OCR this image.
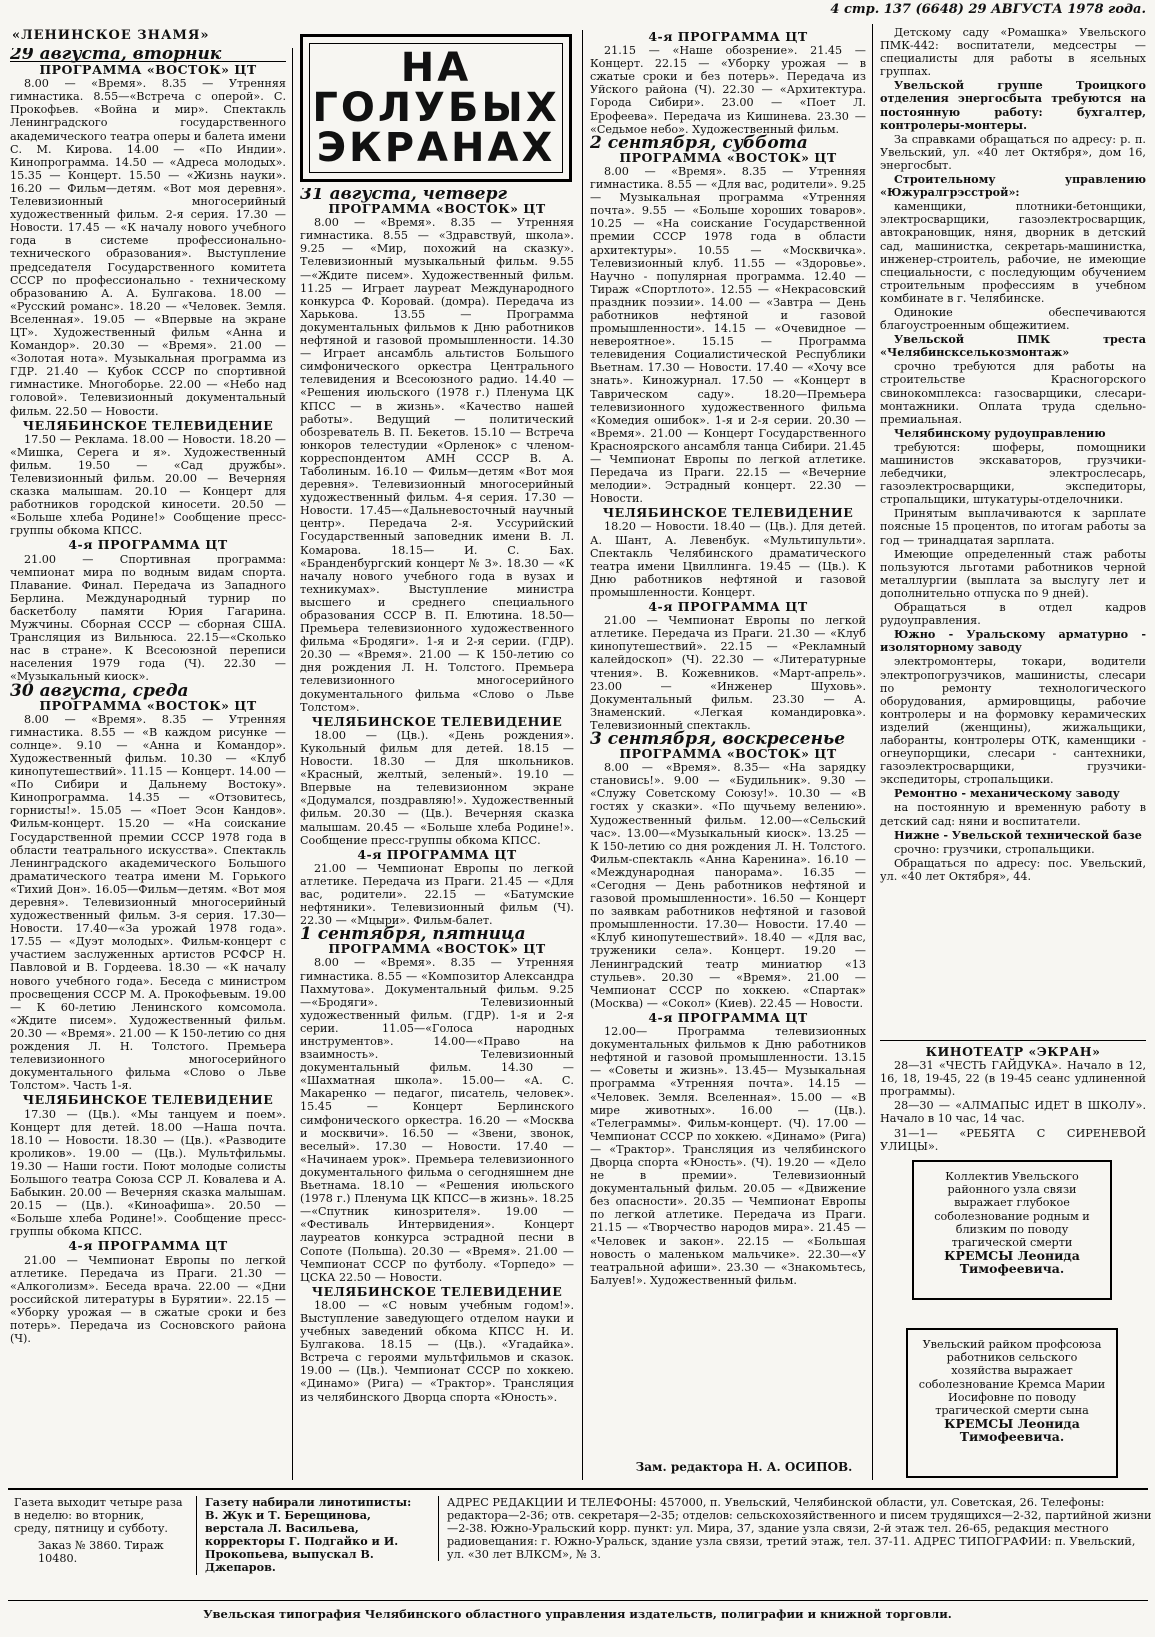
4 стр. 137 (6648) 29 АВГУСТА 1978 года.
«ЛЕНИНСКОЕ ЗНАМЯ»
НА
ГОЛУБЫХ
ЭКРАНАХ

29 августа, вторник

ПРОГРАММА «ВОСТОК» ЦТ

8.00 — «Время». 8.35 — Утренняя гимнастика. 8.55—«Встреча с оперой». С. Прокофьев. «Война и мир». Спектакль Ленинградского государственного академического театра оперы и балета имени С. М. Кирова. 14.00 — «По Индии». Кинопрограмма. 14.50 — «Адреса молодых». 15.35 — Концерт. 15.50 — «Жизнь науки». 16.20 — Фильм—детям. «Вот моя деревня». Телевизионный многосерийный художественный фильм. 2-я серия. 17.30 — Новости. 17.45 — «К началу нового учебного года в системе профессионально-технического образования». Выступление председателя Государственного комитета СССР по профессионально - техническому образованию А. А. Булгакова. 18.00 — «Русский романс». 18.20 — «Человек. Земля. Вселенная». 19.05 — «Впервые на экране ЦТ». Художественный фильм «Анна и Командор». 20.30 — «Время». 21.00 — «Золотая нота». Музыкальная программа из ГДР. 21.40 — Кубок СССР по спортивной гимнастике. Многоборье. 22.00 — «Небо над головой». Телевизионный документальный фильм. 22.50 — Новости.

ЧЕЛЯБИНСКОЕ ТЕЛЕВИДЕНИЕ

17.50 — Реклама. 18.00 — Новости. 18.20 — «Мишка, Серега и я». Художественный фильм. 19.50 — «Сад дружбы». Телевизионный фильм. 20.00 — Вечерняя сказка малышам. 20.10 — Концерт для работников городской киносети. 20.50 — «Больше хлеба Родине!» Сообщение пресс-группы обкома КПСС.

4-я ПРОГРАММА ЦТ

21.00 — Спортивная программа: чемпионат мира по водным видам спорта. Плавание. Финал. Передача из Западного Берлина. Международный турнир по баскетболу памяти Юрия Гагарина. Мужчины. Сборная СССР — сборная США. Трансляция из Вильнюса. 22.15—«Сколько нас в стране». К Всесоюзной переписи населения 1979 года (Ч). 22.30 — «Музыкальный киоск».

30 августа, среда

ПРОГРАММА «ВОСТОК» ЦТ

8.00 — «Время». 8.35 — Утренняя гимнастика. 8.55 — «В каждом рисунке — солнце». 9.10 — «Анна и Командор». Художественный фильм. 10.30 — «Клуб кинопутешествий». 11.15 — Концерт. 14.00 — «По Сибири и Дальнему Востоку». Кинопрограмма. 14.35 — «Отзовитесь, горнисты!». 15.05 — «Поет Эсон Кандов». Фильм-концерт. 15.20 — «На соискание Государственной премии СССР 1978 года в области театрального искусства». Спектакль Ленинградского академического Большого драматического театра имени М. Горького «Тихий Дон». 16.05—Фильм—детям. «Вот моя деревня». Телевизионный многосерийный художественный фильм. 3-я серия. 17.30— Новости. 17.40—«За урожай 1978 года». 17.55 — «Дуэт молодых». Фильм-концерт с участием заслуженных артистов РСФСР Н. Павловой и В. Гордеева. 18.30 — «К началу нового учебного года». Беседа с министром просвещения СССР М. А. Прокофьевым. 19.00 — К 60-летию Ленинского комсомола. «Ждите писем». Художественный фильм. 20.30 — «Время». 21.00 — К 150-летию со дня рождения Л. Н. Толстого. Премьера телевизионного многосерийного документального фильма «Слово о Льве Толстом». Часть 1-я.

ЧЕЛЯБИНСКОЕ ТЕЛЕВИДЕНИЕ

17.30 — (Цв.). «Мы танцуем и поем». Концерт для детей. 18.00 —Наша почта. 18.10 — Новости. 18.30 — (Цв.). «Разводите кроликов». 19.00 — (Цв.). Мультфильмы. 19.30 — Наши гости. Поют молодые солисты Большого театра Союза ССР Л. Ковалева и А. Бабыкин. 20.00 — Вечерняя сказка малышам. 20.15 — (Цв.). «Киноафиша». 20.50 — «Больше хлеба Родине!». Сообщение пресс-группы обкома КПСС.

4-я ПРОГРАММА ЦТ

21.00 — Чемпионат Европы по легкой атлетике. Передача из Праги. 21.30 — «Алкоголизм». Беседа врача. 22.00 — «Дни российской литературы в Бурятии». 22.15 — «Уборку урожая — в сжатые сроки и без потерь». Передача из Сосновского района (Ч).

31 августа, четверг

ПРОГРАММА «ВОСТОК» ЦТ

8.00 — «Время». 8.35 — Утренняя гимнастика. 8.55 — «Здравствуй, школа». 9.25 — «Мир, похожий на сказку». Телевизионный музыкальный фильм. 9.55—«Ждите писем». Художественный фильм. 11.25 — Играет лауреат Международного конкурса Ф. Коровай. (домра). Передача из Харькова. 13.55 — Программа документальных фильмов к Дню работников нефтяной и газовой промышленности. 14.30 — Играет ансамбль альтистов Большого симфонического оркестра Центрального телевидения и Всесоюзного радио. 14.40 — «Решения июльского (1978 г.) Пленума ЦК КПСС — в жизнь». «Качество нашей работы». Ведущий — политический обозреватель В. П. Бекетов. 15.10 — Встреча юнкоров телестудии «Орленок» с членом-корреспондентом АМН СССР В. А. Таболиным. 16.10 — Фильм—детям «Вот моя деревня». Телевизионный многосерийный художественный фильм. 4-я серия. 17.30 — Новости. 17.45—«Дальневосточный научный центр». Передача 2-я. Уссурийский Государственный заповедник имени В. Л. Комарова. 18.15— И. С. Бах. «Бранденбургский концерт № 3». 18.30 — «К началу нового учебного года в вузах и техникумах». Выступление министра высшего и среднего специального образования СССР В. П. Елютина. 18.50—Премьера телевизионного художественного фильма «Бродяги». 1-я и 2-я серии. (ГДР). 20.30 — «Время». 21.00 — К 150-летию со дня рождения Л. Н. Толстого. Премьера телевизионного многосерийного документального фильма «Слово о Льве Толстом».

ЧЕЛЯБИНСКОЕ ТЕЛЕВИДЕНИЕ

18.00 — (Цв.). «День рождения». Кукольный фильм для детей. 18.15 — Новости. 18.30 — Для школьников. «Красный, желтый, зеленый». 19.10 — Впервые на телевизионном экране «Додумался, поздравляю!». Художественный фильм. 20.30 — (Цв.). Вечерняя сказка малышам. 20.45 — «Больше хлеба Родине!». Сообщение пресс-группы обкома КПСС.

4-я ПРОГРАММА ЦТ

21.00 — Чемпионат Европы по легкой атлетике. Передача из Праги. 21.45 — «Для вас, родители». 22.15 — «Батумские нефтяники». Телевизионный фильм (Ч). 22.30 — «Мцыри». Фильм-балет.

1 сентября, пятница

ПРОГРАММА «ВОСТОК» ЦТ

8.00 — «Время». 8.35 — Утренняя гимнастика. 8.55 — «Композитор Александра Пахмутова». Документальный фильм. 9.25 —«Бродяги». Телевизионный художественный фильм. (ГДР). 1-я и 2-я серии. 11.05—«Голоса народных инструментов». 14.00—«Право на взаимность». Телевизионный документальный фильм. 14.30 — «Шахматная школа». 15.00— «А. С. Макаренко — педагог, писатель, человек». 15.45 — Концерт Берлинского симфонического оркестра. 16.20 — «Москва и москвичи». 16.50 — «Звени, звонок, веселый». 17.30 — Новости. 17.40 — «Начинаем урок». Премьера телевизионного документального фильма о сегодняшнем дне Вьетнама. 18.10 — «Решения июльского (1978 г.) Пленума ЦК КПСС—в жизнь». 18.25 —«Спутник кинозрителя». 19.00 — «Фестиваль Интервидения». Концерт лауреатов конкурса эстрадной песни в Сопоте (Польша). 20.30 — «Время». 21.00 — Чемпионат СССР по футболу. «Торпедо» —ЦСКА 22.50 — Новости.

ЧЕЛЯБИНСКОЕ ТЕЛЕВИДЕНИЕ

18.00 — «С новым учебным годом!». Выступление заведующего отделом науки и учебных заведений обкома КПСС Н. И. Булгакова. 18.15 — (Цв.). «Угадайка». Встреча с героями мультфильмов и сказок. 19.00 — (Цв.). Чемпионат СССР по хоккею. «Динамо» (Рига) — «Трактор». Трансляция из челябинского Дворца спорта «Юность».

4-я ПРОГРАММА ЦТ

21.15 — «Наше обозрение». 21.45 — Концерт. 22.15 — «Уборку урожая — в сжатые сроки и без потерь». Передача из Уйского района (Ч). 22.30 — «Архитектура. Города Сибири». 23.00 — «Поет Л. Ерофеева». Передача из Кишинева. 23.30 — «Седьмое небо». Художественный фильм.

2 сентября, суббота

ПРОГРАММА «ВОСТОК» ЦТ

8.00 — «Время». 8.35 — Утренняя гимнастика. 8.55 — «Для вас, родители». 9.25 — Музыкальная программа «Утренняя почта». 9.55 — «Больше хороших товаров». 10.25 — «На соискание Государственной премии СССР 1978 года в области архитектуры». 10.55 — «Москвичка». Телевизионный клуб. 11.55 — «Здоровье». Научно - популярная программа. 12.40 — Тираж «Спортлото». 12.55 — «Некрасовский праздник поэзии». 14.00 — «Завтра — День работников нефтяной и газовой промышленности». 14.15 — «Очевидное — невероятное». 15.15 — Программа телевидения Социалистической Республики Вьетнам. 17.30 — Новости. 17.40 — «Хочу все знать». Киножурнал. 17.50 — «Концерт в Таврическом саду». 18.20—Премьера телевизионного художественного фильма «Комедия ошибок». 1-я и 2-я серии. 20.30 — «Время». 21.00 — Концерт Государственного Красноярского ансамбля танца Сибири. 21.45 — Чемпионат Европы по легкой атлетике. Передача из Праги. 22.15 — «Вечерние мелодии». Эстрадный концерт. 22.30 — Новости.

ЧЕЛЯБИНСКОЕ ТЕЛЕВИДЕНИЕ

18.20 — Новости. 18.40 — (Цв.). Для детей. А. Шант, А. Левенбук. «Мультипульти». Спектакль Челябинского драматического театра имени Цвиллинга. 19.45 — (Цв.). К Дню работников нефтяной и газовой промышленности. Концерт.

4-я ПРОГРАММА ЦТ

21.00 — Чемпионат Европы по легкой атлетике. Передача из Праги. 21.30 — «Клуб кинопутешествий». 22.15 — «Рекламный калейдоскоп» (Ч). 22.30 — «Литературные чтения». В. Кожевников. «Март-апрель». 23.00 — «Инженер Шуховь». Документальный фильм. 23.30 — А. Знаменский. «Легкая командировка». Телевизионный спектакль.

3 сентября, воскресенье

ПРОГРАММА «ВОСТОК» ЦТ

8.00 — «Время». 8.35— «На зарядку становись!». 9.00 — «Будильник». 9.30 — «Служу Советскому Союзу!». 10.30 — «В гостях у сказки». «По щучьему велению». Художественный фильм. 12.00—«Сельский час». 13.00—«Музыкальный киоск». 13.25 — К 150-летию со дня рождения Л. Н. Толстого. Фильм-спектакль «Анна Каренина». 16.10 — «Международная панорама». 16.35 — «Сегодня — День работников нефтяной и газовой промышленности». 16.50 — Концерт по заявкам работников нефтяной и газовой промышленности. 17.30— Новости. 17.40 — «Клуб кинопутешествий». 18.40 — «Для вас, труженики села». Концерт. 19.20 — Ленинградский театр миниатюр «13 стульев». 20.30 — «Время». 21.00 — Чемпионат СССР по хоккею. «Спартак» (Москва) — «Сокол» (Киев). 22.45 — Новости.

4-я ПРОГРАММА ЦТ

12.00— Программа телевизионных документальных фильмов к Дню работников нефтяной и газовой промышленности. 13.15 — «Советы и жизнь». 13.45— Музыкальная программа «Утренняя почта». 14.15 — «Человек. Земля. Вселенная». 15.00 — «В мире животных». 16.00 — (Цв.). «Телеграммы». Фильм-концерт. (Ч). 17.00 — Чемпионат СССР по хоккею. «Динамо» (Рига) — «Трактор». Трансляция из челябинского Дворца спорта «Юность». (Ч). 19.20 — «Дело не в премии». Телевизионный документальный фильм. 20.05 — «Движение без опасности». 20.35 — Чемпионат Европы по легкой атлетике. Передача из Праги. 21.15 — «Творчество народов мира». 21.45 — «Человек и закон». 22.15 — «Большая новость о маленьком мальчике». 22.30—«У театральной афиши». 23.30 — «Знакомьтесь, Балуев!». Художественный фильм.

Зам. редактора Н. А. ОСИПОВ.

Детскому саду «Ромашка» Увельского ПМК-442: воспитатели, медсестры — специалисты для работы в ясельных группах.

Увельской группе Троицкого отделения энергосбыта требуются на постоянную работу: бухгалтер, контролеры-монтеры.

За справками обращаться по адресу: р. п. Увельский, ул. «40 лет Октября», дом 16, энергосбыт.

Строительному управлению «Южуралгрэсстрой»:

каменщики, плотники-бетонщики, электросварщики, газоэлектросварщик, автокрановщик, няня, дворник в детский сад, машинистка, секретарь-машинистка, инженер-строитель, рабочие, не имеющие специальности, с последующим обучением строительным профессиям в учебном комбинате в г. Челябинске.

Одинокие обеспечиваются благоустроенным общежитием.

Увельской ПМК треста «Челябинскселькозмонтаж»

срочно требуются для работы на строительстве Красногорского свинокомплекса: газосварщики, слесари-монтажники. Оплата труда сдельно-премиальная.

Челябинскому рудоуправлению

требуются: шоферы, помощники машинистов экскаваторов, грузчики-лебедчики, электрослесарь, газоэлектросварщики, экспедиторы, стропальщики, штукатуры-отделочники.

Принятым выплачиваются к зарплате поясные 15 процентов, по итогам работы за год — тринадцатая зарплата.

Имеющие определенный стаж работы пользуются льготами работников черной металлургии (выплата за выслугу лет и дополнительно отпуска по 9 дней).

Обращаться в отдел кадров рудоуправления.

Южно - Уральскому арматурно - изоляторному заводу

электромонтеры, токари, водители электропогрузчиков, машинисты, слесари по ремонту технологического оборудования, армировщицы, рабочие контролеры и на формовку керамических изделий (женщины), жижальщики, лаборанты, контролеры ОТК, каменщики - огнеупорщики, слесари - сантехники, газоэлектросварщики, грузчики-экспедиторы, стропальщики.

Ремонтно - механическому заводу

на постоянную и временную работу в детский сад: няни и воспитатели.

Нижне - Увельской технической базе

срочно: грузчики, стропальщики.

Обращаться по адресу: пос. Увельский, ул. «40 лет Октября», 44.

КИНОТЕАТР «ЭКРАН»

28—31 «ЧЕСТЬ ГАЙДУКА». Начало в 12, 16, 18, 19-45, 22 (в 19-45 сеанс удлиненной программы).

28—30 — «АЛМАПЫС ИДЕТ В ШКОЛУ». Начало в 10 час, 14 час.

31—1— «РЕБЯТА С СИРЕНЕВОЙ УЛИЦЫ».

Коллектив Увельского районного узла связи выражает глубокое соболезнование родным и близким по поводу трагической смерти
КРЕМСЫ Леонида Тимофеевича.
Увельский райком профсоюза работников сельского хозяйства выражает соболезнование Кремса Марии Иосифовне по поводу трагической смерти сына
КРЕМСЫ Леонида Тимофеевича.
Газета выходит четыре раза в неделю: во вторник, среду, пятницу и субботу.
Заказ № 3860. Тираж 10480.
Газету набирали линотиписты: В. Жук и Т. Берещинова, верстала Л. Васильева, корректоры Г. Подгайко и И. Прокопьева, выпускал В. Джепаров.
АДРЕС РЕДАКЦИИ И ТЕЛЕФОНЫ: 457000, п. Увельский, Челябинской области, ул. Советская, 26. Телефоны: редактора—2-36; отв. секретаря—2-35; отделов: сельскохозяйственного и писем трудящихся—2-32, партийной жизни—2-38. Южно-Уральский корр. пункт: ул. Мира, 37, здание узла связи, 2-й этаж тел. 26-65, редакция местного радиовещания: г. Южно-Уральск, здание узла связи, третий этаж, тел. 37-11. АДРЕС ТИПОГРАФИИ: п. Увельский, ул. «30 лет ВЛКСМ», № 3.
Увельская типография Челябинского областного управления издательств, полиграфии и книжной торговли.
